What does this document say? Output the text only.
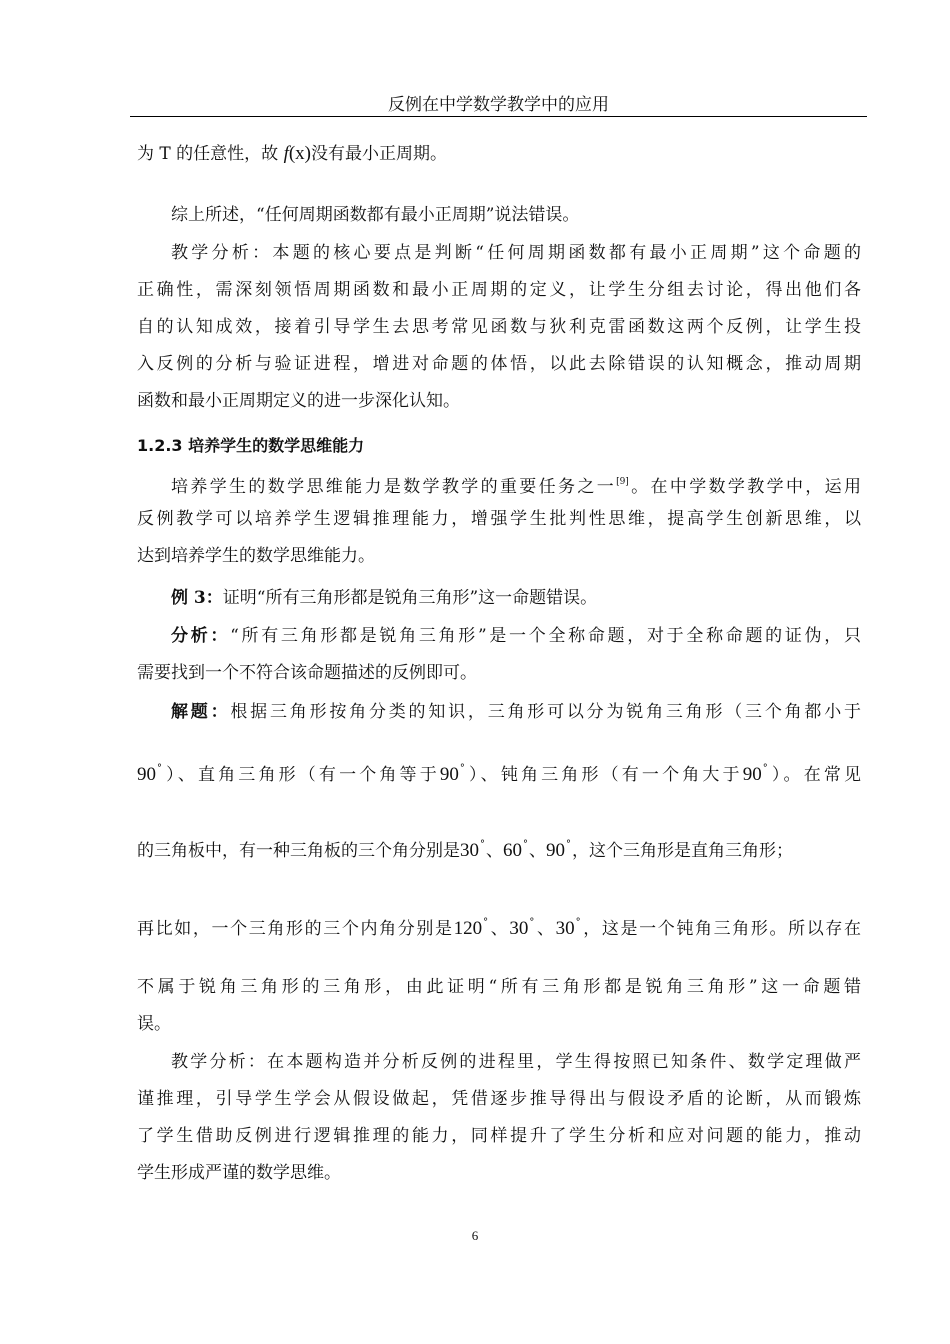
反例在中学数学教学中的应用
为 T 的任意性，故 f(x)没有最小正周期。
综上所述，“任何周期函数都有最小正周期”说法错误。
教学分析：本题的核心要点是判断“任何周期函数都有最小正周期”这个命题的
正确性，需深刻领悟周期函数和最小正周期的定义，让学生分组去讨论，得出他们各
自的认知成效，接着引导学生去思考常见函数与狄利克雷函数这两个反例，让学生投
入反例的分析与验证进程，增进对命题的体悟，以此去除错误的认知概念，推动周期
函数和最小正周期定义的进一步深化认知。
1.2.3 培养学生的数学思维能力
培养学生的数学思维能力是数学教学的重要任务之一[9]。在中学数学教学中，运用
反例教学可以培养学生逻辑推理能力，增强学生批判性思维，提高学生创新思维，以
达到培养学生的数学思维能力。
例 3：证明“所有三角形都是锐角三角形”这一命题错误。
分析：“所有三角形都是锐角三角形”是一个全称命题，对于全称命题的证伪，只
需要找到一个不符合该命题描述的反例即可。
解题：根据三角形按角分类的知识，三角形可以分为锐角三角形（三个角都小于
90°）、直角三角形（有一个角等于90°）、钝角三角形（有一个角大于90°）。在常见
的三角板中，有一种三角板的三个角分别是30°、60°、90°，这个三角形是直角三角形；
再比如，一个三角形的三个内角分别是120°、30°、30°，这是一个钝角三角形。所以存在
不属于锐角三角形的三角形，由此证明“所有三角形都是锐角三角形”这一命题错
误。
教学分析：在本题构造并分析反例的进程里，学生得按照已知条件、数学定理做严
谨推理，引导学生学会从假设做起，凭借逐步推导得出与假设矛盾的论断，从而锻炼
了学生借助反例进行逻辑推理的能力，同样提升了学生分析和应对问题的能力，推动
学生形成严谨的数学思维。
6
